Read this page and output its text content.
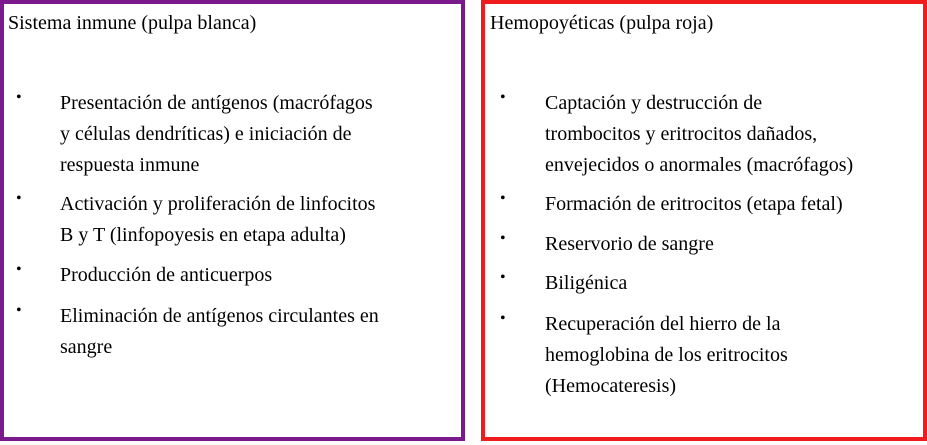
Sistema inmune (pulpa blanca)
• Presentación de antígenos (macrófagos
y células dendríticas) e iniciación de
respuesta inmune
• Activación y proliferación de linfocitos
B y T (linfopoyesis en etapa adulta)
• Producción de anticuerpos
• Eliminación de antígenos circulantes en
sangre
Hemopoyéticas (pulpa roja)
• Captación y destrucción de
trombocitos y eritrocitos dañados,
envejecidos o anormales (macrófagos)
• Formación de eritrocitos (etapa fetal)
• Reservorio de sangre
• Biligénica
• Recuperación del hierro de la
hemoglobina de los eritrocitos
(Hemocateresis)
